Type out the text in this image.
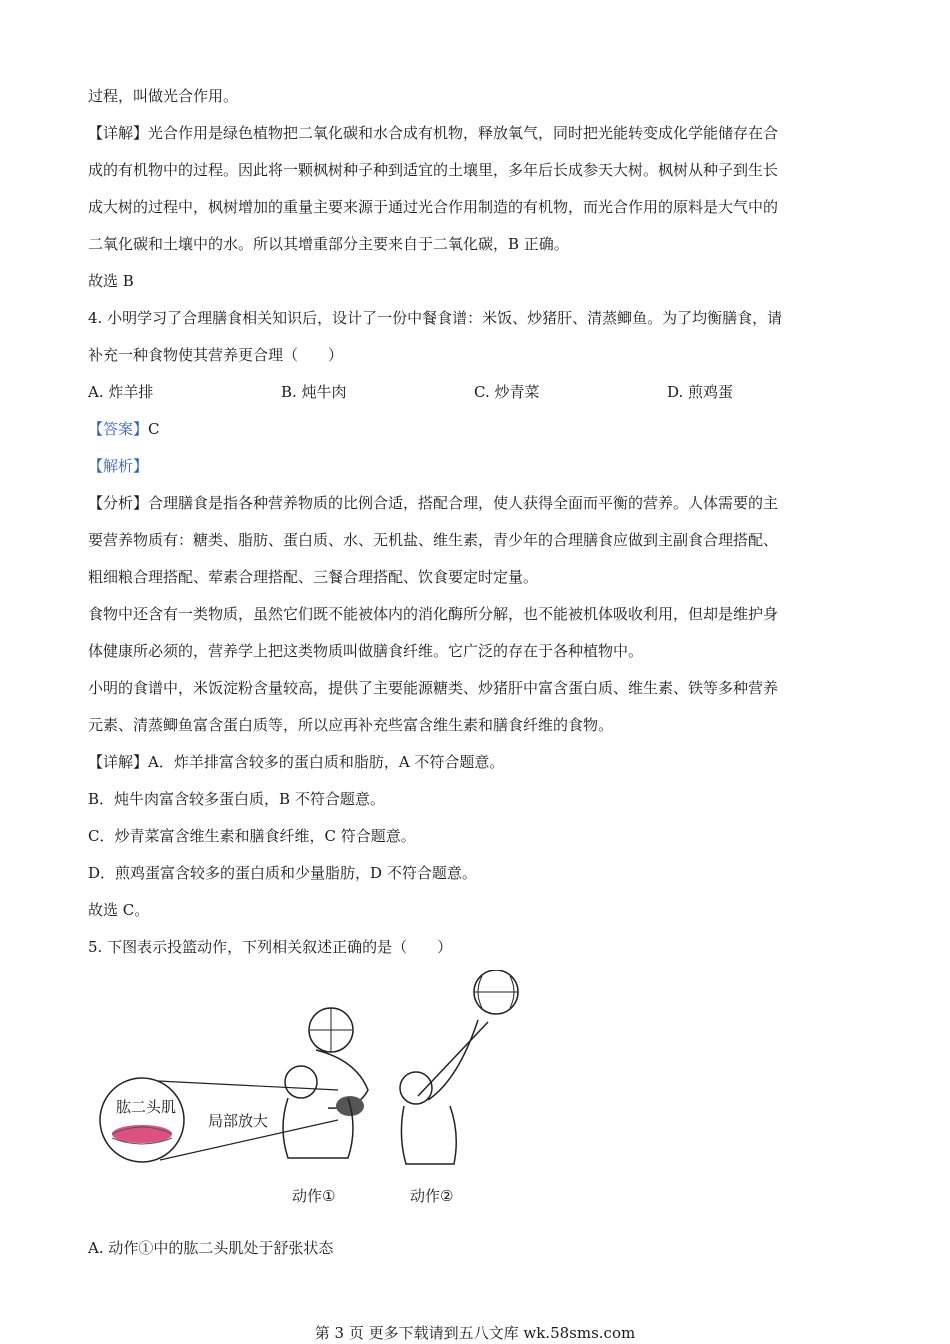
过程，叫做光合作用。

【详解】光合作用是绿色植物把二氧化碳和水合成有机物，释放氧气，同时把光能转变成化学能储存在合

成的有机物中的过程。因此将一颗枫树种子种到适宜的土壤里，多年后长成参天大树。枫树从种子到生长

成大树的过程中，枫树增加的重量主要来源于通过光合作用制造的有机物，而光合作用的原料是大气中的

二氧化碳和土壤中的水。所以其增重部分主要来自于二氧化碳，B 正确。

故选 B

4. 小明学习了合理膳食相关知识后，设计了一份中餐食谱：米饭、炒猪肝、清蒸鲫鱼。为了均衡膳食，请

补充一种食物使其营养更合理（　　）

A. 炸羊排	B. 炖牛肉	C. 炒青菜	D. 煎鸡蛋

【答案】C

【解析】

【分析】合理膳食是指各种营养物质的比例合适，搭配合理，使人获得全面而平衡的营养。人体需要的主

要营养物质有：糖类、脂肪、蛋白质、水、无机盐、维生素，青少年的合理膳食应做到主副食合理搭配、

粗细粮合理搭配、荤素合理搭配、三餐合理搭配、饮食要定时定量。

食物中还含有一类物质，虽然它们既不能被体内的消化酶所分解，也不能被机体吸收利用，但却是维护身

体健康所必须的，营养学上把这类物质叫做膳食纤维。它广泛的存在于各种植物中。

小明的食谱中，米饭淀粉含量较高，提供了主要能源糖类、炒猪肝中富含蛋白质、维生素、铁等多种营养

元素、清蒸鲫鱼富含蛋白质等，所以应再补充些富含维生素和膳食纤维的食物。

【详解】A．炸羊排富含较多的蛋白质和脂肪，A 不符合题意。

B．炖牛肉富含较多蛋白质，B 不符合题意。

C．炒青菜富含维生素和膳食纤维，C 符合题意。

D．煎鸡蛋富含较多的蛋白质和少量脂肪，D 不符合题意。

故选 C。

5. 下图表示投篮动作，下列相关叙述正确的是（　　）

肱二头肌
局部放大
动作①	动作②

A. 动作①中的肱二头肌处于舒张状态

第 3 页 更多下载请到五八文库 wk.58sms.com
